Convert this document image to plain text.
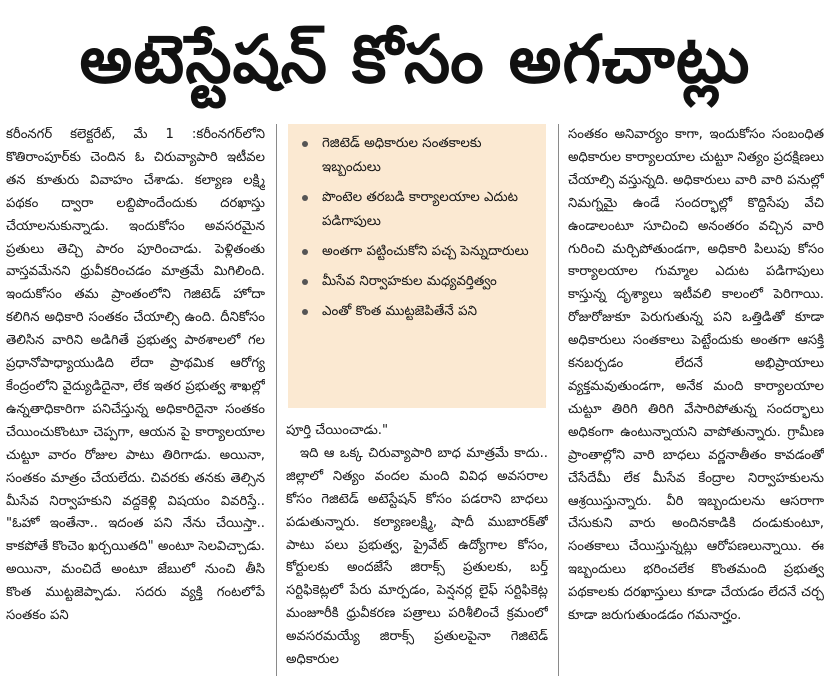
అటెస్టేషన్ కోసం అగచాట్లు

కరీంనగర్ కలెక్టరేట్, మే 1 :కరీంనగర్‌లోని కొతిరాంపూర్‌కు చెందిన ఓ చిరువ్యాపారి ఇటీవల తన కూతురు వివాహం చేశాడు. కల్యాణ లక్ష్మి పథకం ద్వారా లబ్దిపొందేందుకు దరఖాస్తు చేయాలనుకున్నాడు. ఇందుకోసం అవసరమైన ప్రతులు తెచ్చి పారం పూరించాడు. పెళ్లితంతు వాస్తవమేనని ధ్రువీకరించడం మాత్రమే మిగిలింది. ఇందుకోసం తమ ప్రాంతంలోని గెజిటెడ్ హోదా కలిగిన అధికారి సంతకం చేయాల్సి ఉంది. దీనికోసం తెలిసిన వారిని అడిగితే ప్రభుత్వ పాఠశాలలో గల ప్రధానోపాధ్యాయుడిది లేదా ప్రాథమిక ఆరోగ్య కేంద్రంలోని వైద్యుడిదైనా, లేక ఇతర ప్రభుత్వ శాఖల్లో ఉన్నతాధికారిగా పనిచేస్తున్న అధికారిదైనా సంతకం చేయించుకొంటూ చెప్పగా, ఆయన పై కార్యాలయాల చుట్టూ వారం రోజుల పాటు తిరిగాడు. అయినా, సంతకం మాత్రం చేయలేదు. చివరకు తనకు తెల్సిన మీసేవ నిర్వాహకుని వద్దకెళ్లి విషయం వివరిస్తే.. "ఓహో ఇంతేనా.. ఇదంత పని నేను చేయిస్తా.. కాకపోతే కొంచెం ఖర్చయితది" అంటూ సెలవిచ్చాడు. అయినా, మంచిదే అంటూ జేబులో నుంచి తీసి కొంత ముట్టజెప్పాడు. సదరు వ్యక్తి గంటలోపే సంతకం పని

గెజిటెడ్ అధికారుల సంతకాలకు ఇబ్బందులు
పొంటెల తరబడి కార్యాలయాల ఎదుట పడిగాపులు
అంతగా పట్టించుకోని పచ్చ పెన్నుదారులు
మీసేవ నిర్వాహకుల మధ్యవర్తిత్వం
ఎంతో కొంత ముట్టజెపితేనే పని

పూర్తి చేయించాడు."

ఇది ఆ ఒక్క చిరువ్యాపారి బాధ మాత్రమే కాదు.. జిల్లాలో నిత్యం వందల మంది వివిధ అవసరాల కోసం గెజిటెడ్ అటెస్టేషన్ కోసం పడరాని బాధలు పడుతున్నారు. కల్యాణలక్ష్మి, షాదీ ముబారక్‌తో పాటు పలు ప్రభుత్వ, ప్రైవేట్ ఉద్యోగాల కోసం, కోర్టులకు అందజేసే జిరాక్స్ ప్రతులకు, బర్త్ సర్టిఫికెట్లలో పేరు మార్పడం, పెన్షనర్ల లైఫ్ సర్టిఫికెట్ల మంజూరీకి ధ్రువీకరణ పత్రాలు పరిశీలించే క్రమంలో అవసరమయ్యే జిరాక్స్ ప్రతులపైనా గెజిటెడ్ అధికారుల

సంతకం అనివార్యం కాగా, ఇందుకోసం సంబంధిత అధికారుల కార్యాలయాల చుట్టూ నిత్యం ప్రదక్షిణలు చేయాల్సి వస్తున్నది. అధికారులు వారి వారి పనుల్లో నిమగ్నమై ఉండే సందర్భాల్లో కొద్దిసేపు వేచి ఉండాలంటూ సూచించి అనంతరం వచ్చిన వారి గురించి మర్చిపోతుండగా, అధికారి పిలుపు కోసం కార్యాలయాల గుమ్మాల ఎదుట పడిగాపులు కాస్తున్న దృశ్యాలు ఇటీవలి కాలంలో పెరిగాయి. రోజురోజుకూ పెరుగుతున్న పని ఒత్తిడితో కూడా అధికారులు సంతకాలు పెట్టేందుకు అంతగా ఆసక్తి కనబర్చడం లేదనే అభిప్రాయాలు వ్యక్తమవుతుండగా, అనేక మంది కార్యాలయాల చుట్టూ తిరిగి తిరిగి వేసారిపోతున్న సందర్భాలు అధికంగా ఉంటున్నాయని వాపోతున్నారు. గ్రామీణ ప్రాంతాల్లోని వారి బాధలు వర్ణనాతీతం కావడంతో చేసేదేమీ లేక మీసేవ కేంద్రాల నిర్వాహకులను ఆశ్రయిస్తున్నారు. వీరి ఇబ్బందులను ఆసరాగా చేసుకుని వారు అందినకాడికి దండుకుంటూ, సంతకాలు చేయిస్తున్నట్లు ఆరోపణలున్నాయి. ఈ ఇబ్బందులు భరించలేక కొంతమంది ప్రభుత్వ పథకాలకు దరఖాస్తులు కూడా చేయడం లేదనే చర్చ కూడా జరుగుతుండడం గమనార్హం.
